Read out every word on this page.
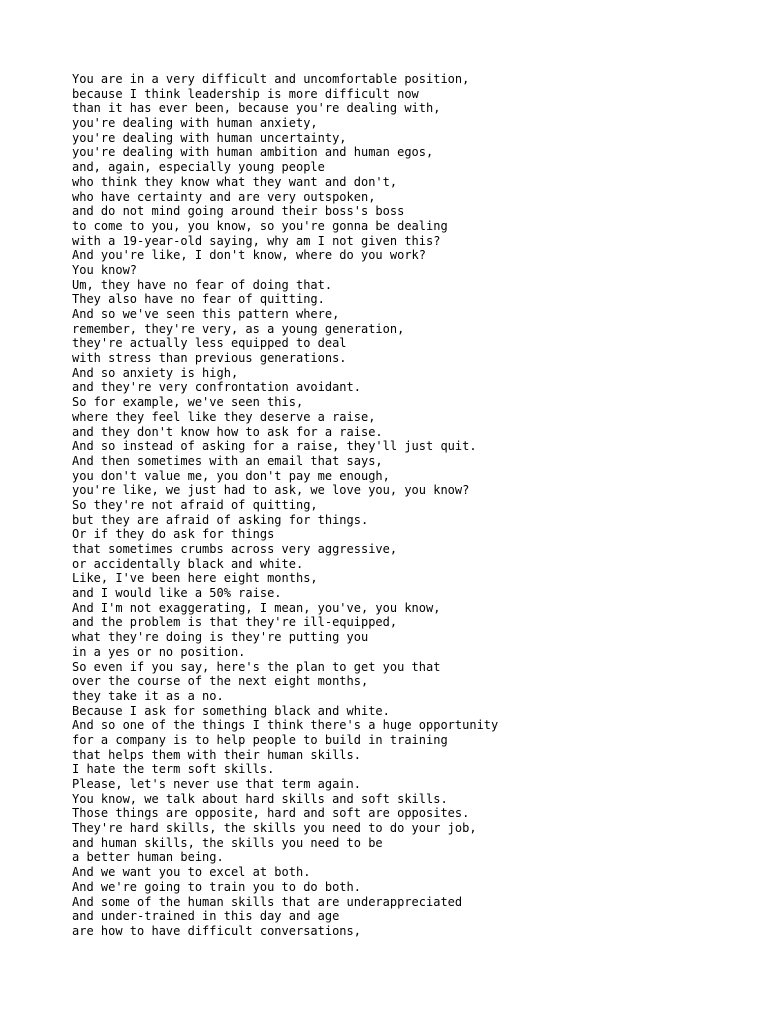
You are in a very difficult and uncomfortable position,
because I think leadership is more difficult now
than it has ever been, because you're dealing with,
you're dealing with human anxiety,
you're dealing with human uncertainty,
you're dealing with human ambition and human egos,
and, again, especially young people
who think they know what they want and don't,
who have certainty and are very outspoken,
and do not mind going around their boss's boss
to come to you, you know, so you're gonna be dealing
with a 19-year-old saying, why am I not given this?
And you're like, I don't know, where do you work?
You know?
Um, they have no fear of doing that.
They also have no fear of quitting.
And so we've seen this pattern where,
remember, they're very, as a young generation,
they're actually less equipped to deal
with stress than previous generations.
And so anxiety is high,
and they're very confrontation avoidant.
So for example, we've seen this,
where they feel like they deserve a raise,
and they don't know how to ask for a raise.
And so instead of asking for a raise, they'll just quit.
And then sometimes with an email that says,
you don't value me, you don't pay me enough,
you're like, we just had to ask, we love you, you know?
So they're not afraid of quitting,
but they are afraid of asking for things.
Or if they do ask for things
that sometimes crumbs across very aggressive,
or accidentally black and white.
Like, I've been here eight months,
and I would like a 50% raise.
And I'm not exaggerating, I mean, you've, you know,
and the problem is that they're ill-equipped,
what they're doing is they're putting you
in a yes or no position.
So even if you say, here's the plan to get you that
over the course of the next eight months,
they take it as a no.
Because I ask for something black and white.
And so one of the things I think there's a huge opportunity
for a company is to help people to build in training
that helps them with their human skills.
I hate the term soft skills.
Please, let's never use that term again.
You know, we talk about hard skills and soft skills.
Those things are opposite, hard and soft are opposites.
They're hard skills, the skills you need to do your job,
and human skills, the skills you need to be
a better human being.
And we want you to excel at both.
And we're going to train you to do both.
And some of the human skills that are underappreciated
and under-trained in this day and age
are how to have difficult conversations,
